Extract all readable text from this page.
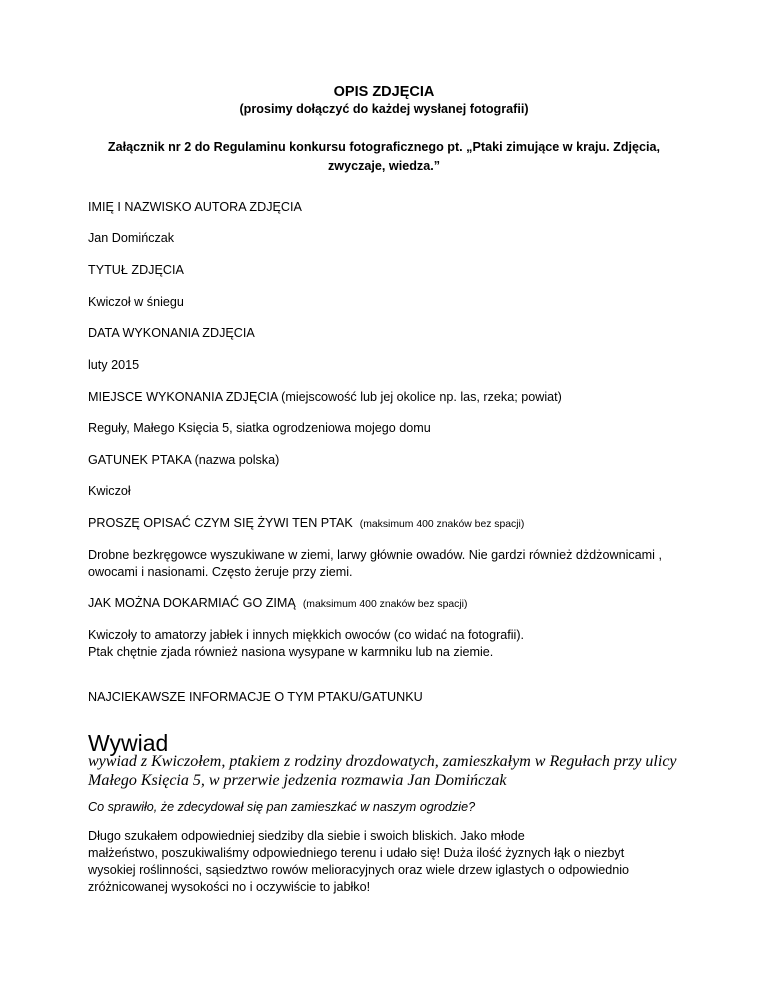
OPIS ZDJĘCIA
(prosimy dołączyć do każdej wysłanej fotografii)
Załącznik nr 2 do Regulaminu konkursu fotograficznego pt. „Ptaki zimujące w kraju. Zdjęcia,
zwyczaje, wiedza.”
IMIĘ I NAZWISKO AUTORA ZDJĘCIA
Jan Domińczak
TYTUŁ ZDJĘCIA
Kwiczoł w śniegu
DATA WYKONANIA ZDJĘCIA
luty 2015
MIEJSCE WYKONANIA ZDJĘCIA (miejscowość lub jej okolice np. las, rzeka; powiat)
Reguły, Małego Księcia 5, siatka ogrodzeniowa mojego domu
GATUNEK PTAKA (nazwa polska)
Kwiczoł
PROSZĘ OPISAĆ CZYM SIĘ ŻYWI TEN PTAK (maksimum 400 znaków bez spacji)
Drobne bezkręgowce wyszukiwane w ziemi, larwy głównie owadów. Nie gardzi również dżdżownicami ,
owocami i nasionami. Często żeruje przy ziemi.
JAK MOŻNA DOKARMIAĆ GO ZIMĄ (maksimum 400 znaków bez spacji)
Kwiczoły to amatorzy jabłek i innych miękkich owoców (co widać na fotografii).
Ptak chętnie zjada również nasiona wysypane w karmniku lub na ziemie.
NAJCIEKAWSZE INFORMACJE O TYM PTAKU/GATUNKU
Wywiad
wywiad z Kwiczołem, ptakiem z rodziny drozdowatych, zamieszkałym w Regułach przy ulicy
Małego Księcia 5, w przerwie jedzenia rozmawia Jan Domińczak
Co sprawiło, że zdecydował się pan zamieszkać w naszym ogrodzie?
Długo szukałem odpowiedniej siedziby dla siebie i swoich bliskich. Jako młode
małżeństwo, poszukiwaliśmy odpowiedniego terenu i udało się! Duża ilość żyznych łąk o niezbyt
wysokiej roślinności, sąsiedztwo rowów melioracyjnych oraz wiele drzew iglastych o odpowiednio
zróżnicowanej wysokości no i oczywiście to jabłko!
